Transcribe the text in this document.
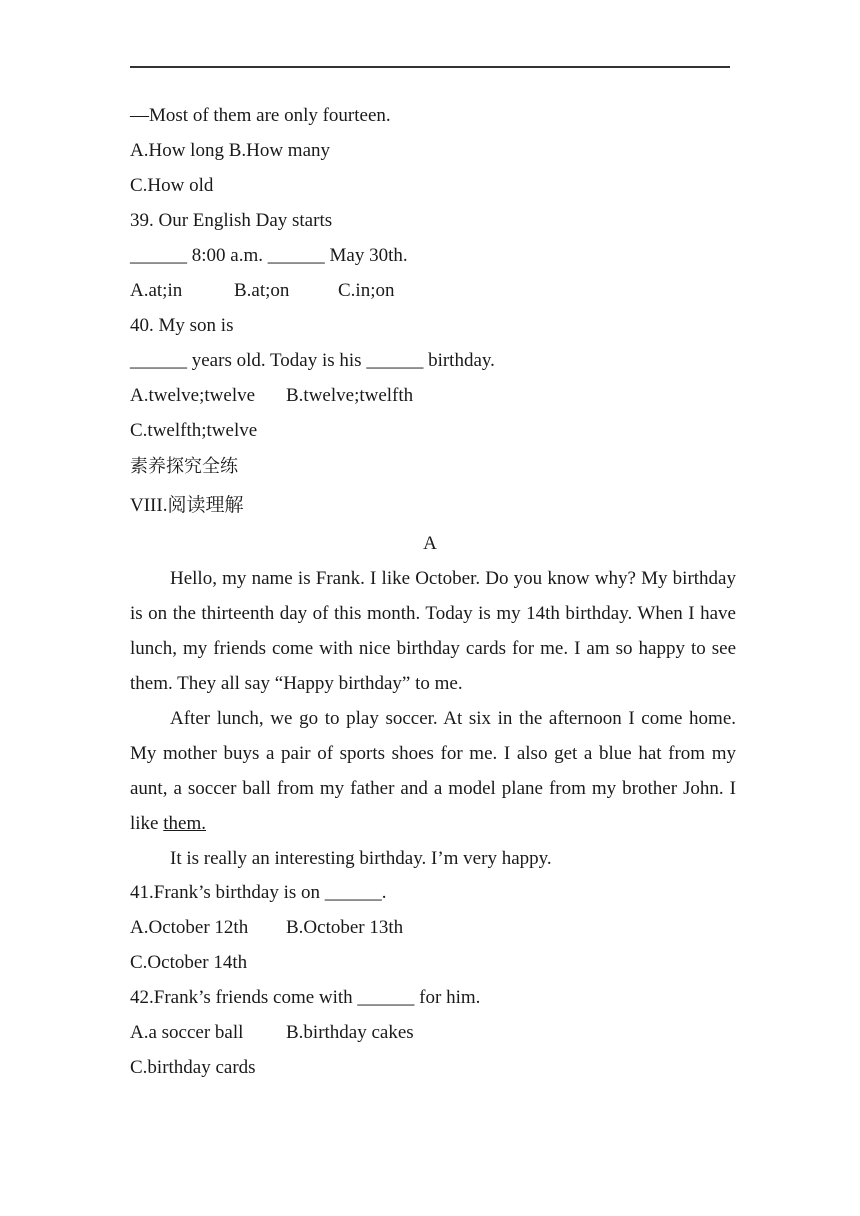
—Most of them are only fourteen.
A.How long B.How many
C.How old
39. Our English Day starts
______ 8:00 a.m. ______ May 30th.
A.at;in	B.at;on	C.in;on
40. My son is
______ years old. Today is his ______ birthday.
A.twelve;twelve B.twelve;twelfth
C.twelfth;twelve
素养探究全练
VIII.阅读理解
A
Hello, my name is Frank. I like October. Do you know why? My birthday is on the thirteenth day of this month. Today is my 14th birthday. When I have lunch, my friends come with nice birthday cards for me. I am so happy to see them. They all say “Happy birthday” to me.
After lunch, we go to play soccer. At six in the afternoon I come home. My mother buys a pair of sports shoes for me. I also get a blue hat from my aunt, a soccer ball from my father and a model plane from my brother John. I like them.
It is really an interesting birthday. I’m very happy.
41.Frank’s birthday is on ______.
A.October 12th B.October 13th
C.October 14th
42.Frank’s friends come with ______ for him.
A.a soccer ball B.birthday cakes
C.birthday cards
